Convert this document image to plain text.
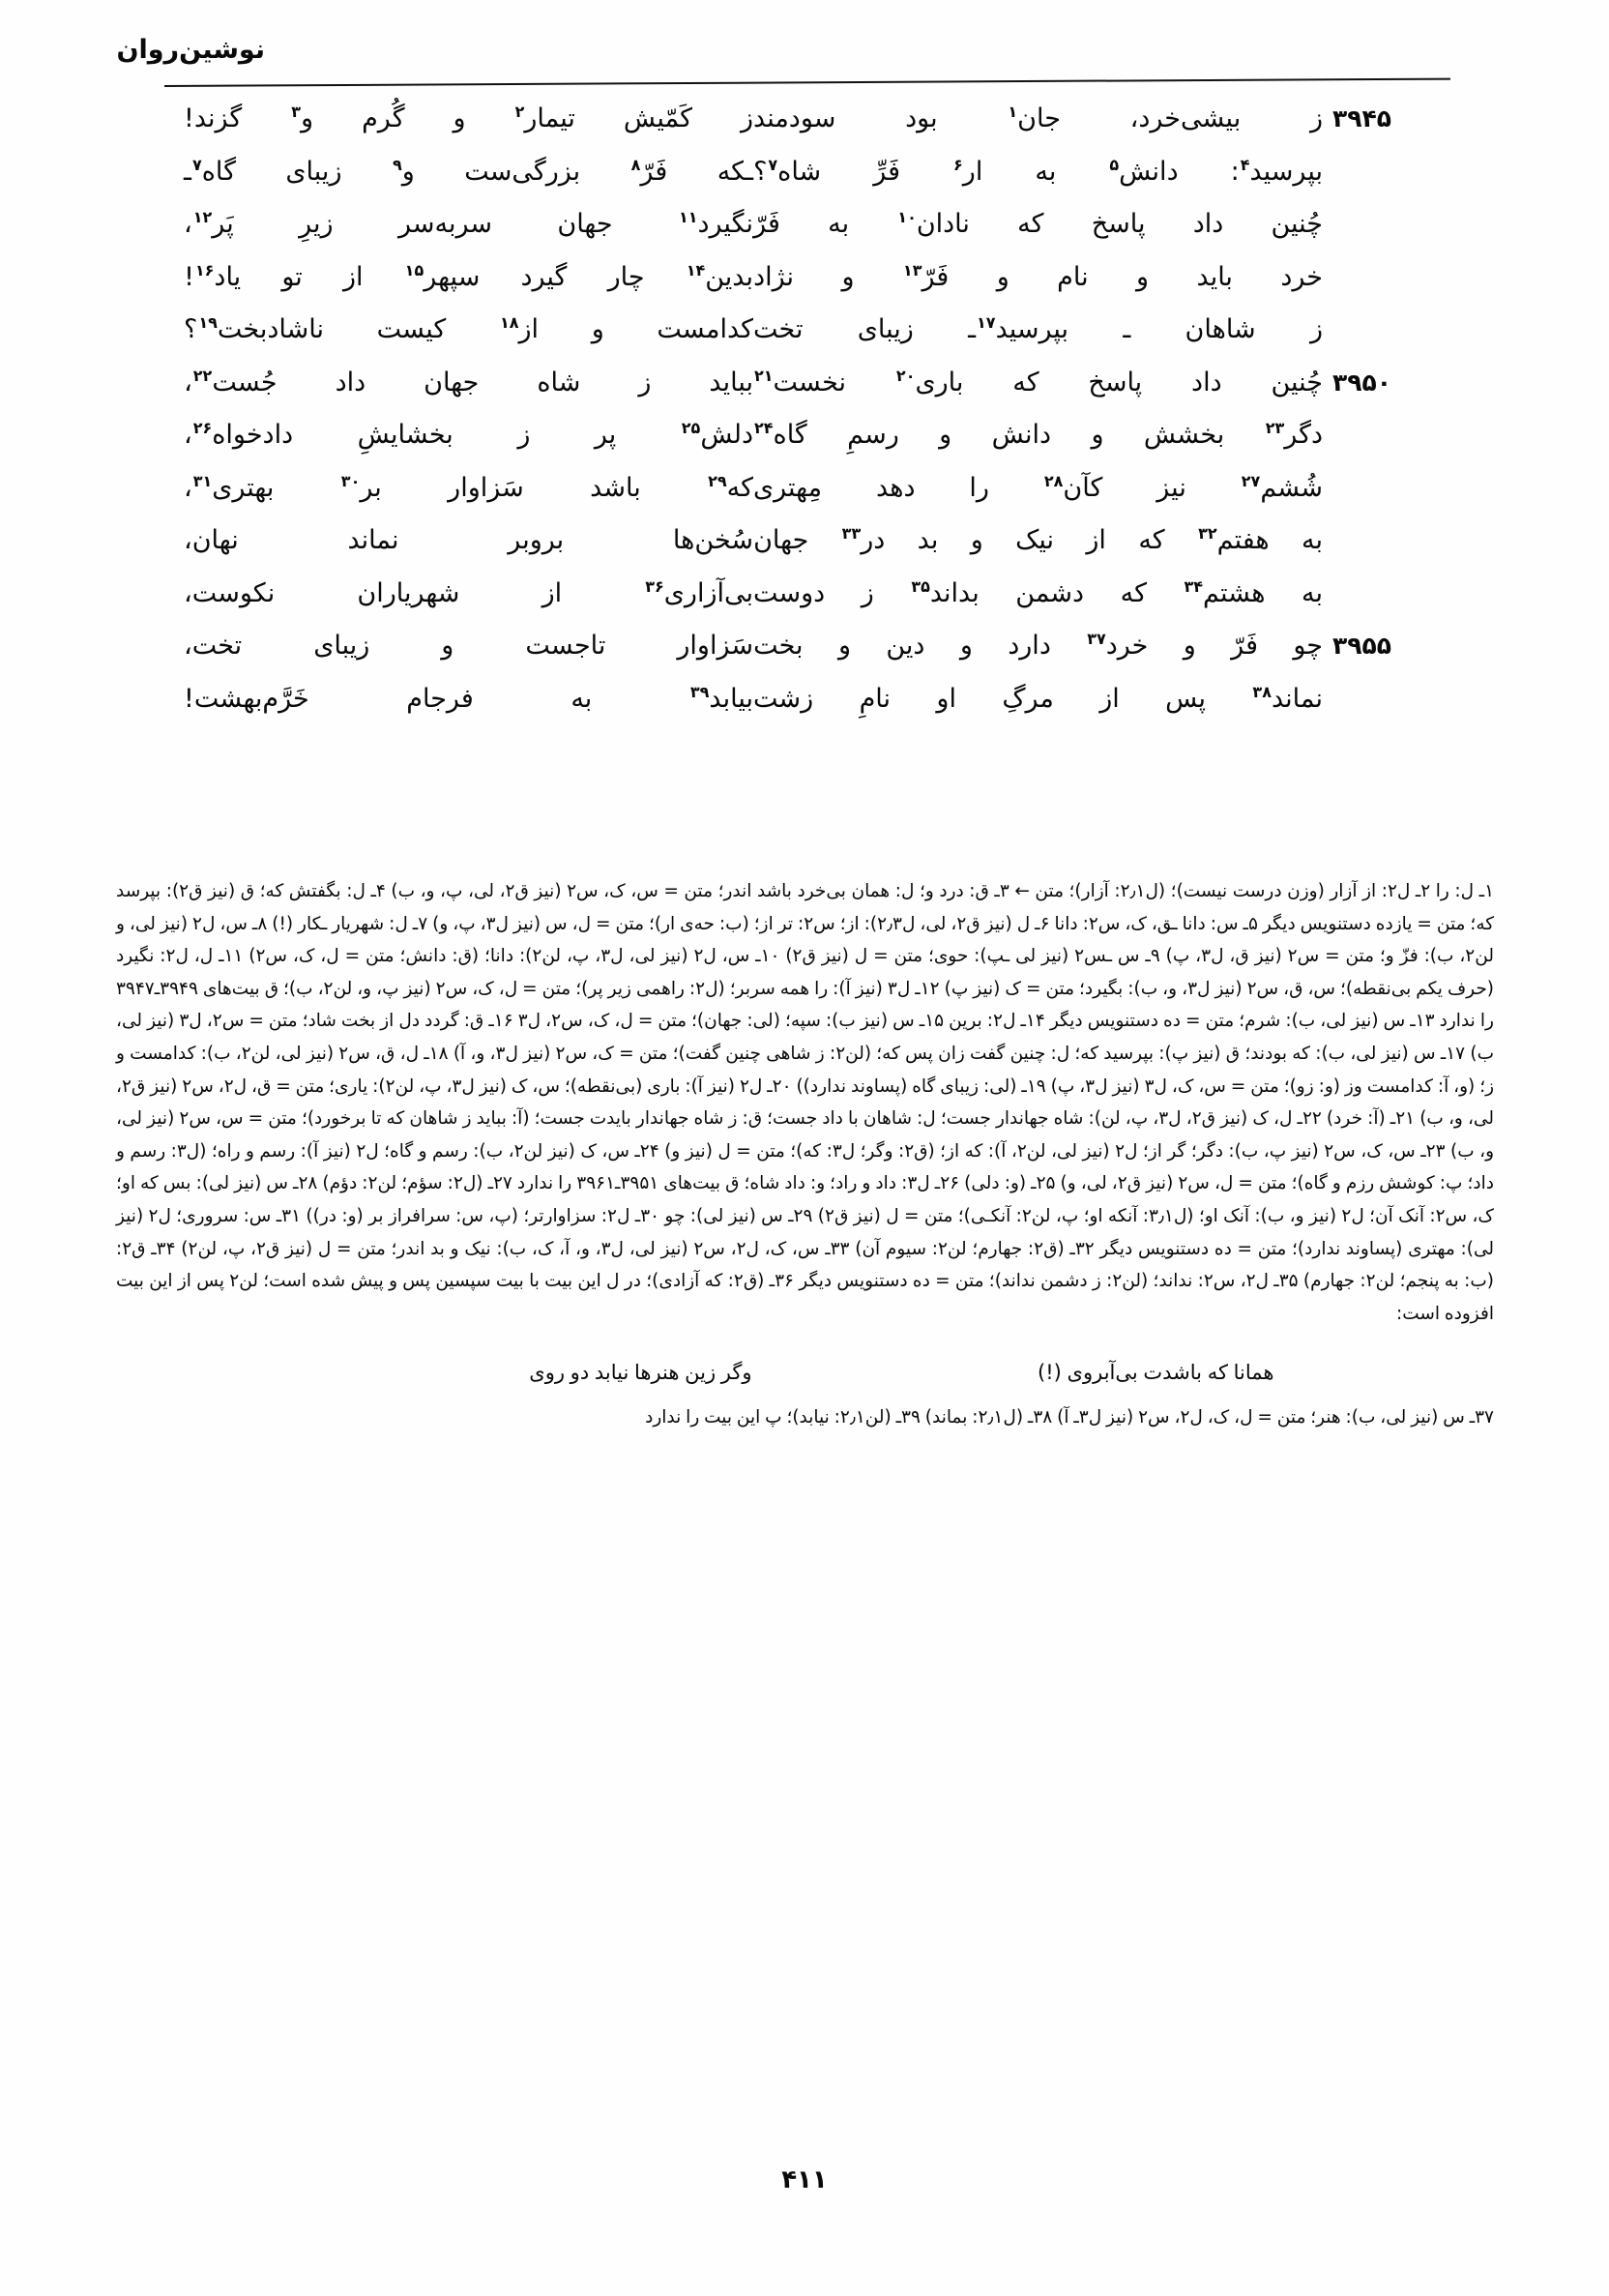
نوشین‌روان
۳۹۴۵
ز
بیشی‌خرد،
جان$^۱$
بود
سودمند
ز
کَمّیش
تیمار$^۲$
و
گُرم
و$^۳$
گزند!
بپرسید$^۴$:
دانش$^۵$
به
ار$^۶$
فَرِّ
شاه$^۷$؟
ـکه
فَرّ$^۸$
بزرگی‌ست
و$^۹$
زیبای
گاه$^۷$ـ
چُنین
داد
پاسخ
که
نادان$^{۱۰}$
به
فَرّ
نگیرد$^{۱۱}$
جهان
سربه‌سر
زیرِ
پَر$^{۱۲}$،
خرد
باید
و
نام
و
فَرّ$^{۱۳}$
و
نژاد
بدین$^{۱۴}$
چار
گیرد
سپهر$^{۱۵}$
از
تو
یاد$^{۱۶}$!
ز
شاهان
ـ
بپرسید$^{۱۷}$ـ
زیبای
تخت
کدامست
و
از$^{۱۸}$
کیست
ناشادبخت$^{۱۹}$؟
۳۹۵۰
چُنین
داد
پاسخ
که
باری$^{۲۰}$
نخست$^{۲۱}$
بباید
ز
شاه
جهان
داد
جُست$^{۲۲}$،
دگر$^{۲۳}$
بخشش
و
دانش
و
رسمِ
گاه$^{۲۴}$
دلش$^{۲۵}$
پر
ز
بخشایشِ
دادخواه$^{۲۶}$،
شُشم$^{۲۷}$
نیز
کآن$^{۲۸}$
را
دهد
مِهتری
که$^{۲۹}$
باشد
سَزاوار
بر$^{۳۰}$
بهتری$^{۳۱}$،
به
هفتم$^{۳۲}$
که
از
نیک
و
بد
در$^{۳۳}$
جهان
سُخن‌ها
بروبر
نماند
نهان،
به
هشتم$^{۳۴}$
که
دشمن
بداند$^{۳۵}$
ز
دوست
بی‌آزاری$^{۳۶}$
از
شهریاران
نکوست،
۳۹۵۵
چو
فَرّ
و
خرد$^{۳۷}$
دارد
و
دین
و
بخت
سَزاوار
تاجست
و
زیبای
تخت،
نماند$^{۳۸}$
پس
از
مرگِ
او
نامِ
زشت
بیابد$^{۳۹}$
به
فرجام
خَرَّم‌بهشت!
۱ـ ل: را ۲ـ ل۲: از آزار (وزن درست نیست)؛ (ل۲٫۱: آزار)؛ متن ← ۳ـ ق: درد و؛ ل: همان بی‌خرد باشد اندر؛ متن = س، ک، س۲ (نیز ق۲، لی، پ، و، ب) ۴ـ ل: بگفتش که؛ ق (نیز ق۲): بپرسد که؛ متن = یازده دستنویس دیگر ۵ـ س: دانا ـق، ک، س۲: دانا ۶ـ ل (نیز ق۲، لی، ل۲٫۳): از؛ س۲: تر از؛ (ب: حه‌ی ار)؛ متن = ل، س (نیز ل۳، پ، و) ۷ـ ل: شهریار ـکار (!) ۸ـ س، ل۲ (نیز لی، و لن۲، ب): فزّ و؛ متن = س۲ (نیز ق، ل۳، پ) ۹ـ س ـس۲ (نیز لی ـپ): حوی؛ متن = ل (نیز ق۲) ۱۰ـ س، ل۲ (نیز لی، ل۳، پ، لن۲): دانا؛ (ق: دانش؛ متن = ل، ک، س۲) ۱۱ـ ل، ل۲: نگیرد (حرف یکم بی‌نقطه)؛ س، ق، س۲ (نیز ل۳، و، ب): بگیرد؛ متن = ک (نیز پ) ۱۲ـ ل۳ (نیز آ): را همه سربر؛ (ل۲: راهمی زیر پر)؛ متن = ل، ک، س۲ (نیز پ، و، لن۲، ب)؛ ق بیت‌های ۳۹۴۹ـ۳۹۴۷ را ندارد ۱۳ـ س (نیز لی، ب): شرم؛ متن = ده دستنویس دیگر ۱۴ـ ل۲: برین ۱۵ـ س (نیز ب): سپه؛ (لی: جهان)؛ متن = ل، ک، س۲، ل۳ ۱۶ـ ق: گردد دل از بخت شاد؛ متن = س۲، ل۳ (نیز لی، ب) ۱۷ـ س (نیز لی، ب): که بودند؛ ق (نیز پ): بپرسید که؛ ل: چنین گفت زان پس که؛ (لن۲: ز شاهی چنین گفت)؛ متن = ک، س۲ (نیز ل۳، و، آ) ۱۸ـ ل، ق، س۲ (نیز لی، لن۲، ب): کدامست و ز؛ (و، آ: کدامست وز (و: زو)؛ متن = س، ک، ل۳ (نیز ل۳، پ) ۱۹ـ (لی: زیبای گاه (پساوند ندارد)) ۲۰ـ ل۲ (نیز آ): باری (بی‌نقطه)؛ س، ک (نیز ل۳، پ، لن۲): یاری؛ متن = ق، ل۲، س۲ (نیز ق۲، لی، و، ب) ۲۱ـ (آ: خرد) ۲۲ـ ل، ک (نیز ق۲، ل۳، پ، لن): شاه جهاندار جست؛ ل: شاهان با داد جست؛ ق: ز شاه جهاندار بایدت جست؛ (آ: بباید ز شاهان که تا برخورد)؛ متن = س، س۲ (نیز لی، و، ب) ۲۳ـ س، ک، س۲ (نیز پ، ب): دگر؛ گر از؛ ل۲ (نیز لی، لن۲، آ): که از؛ (ق۲: وگر؛ ل۳: که)؛ متن = ل (نیز و) ۲۴ـ س، ک (نیز لن۲، ب): رسم و گاه؛ ل۲ (نیز آ): رسم و راه؛ (ل۳: رسم و داد؛ پ: کوشش رزم و گاه)؛ متن = ل، س۲ (نیز ق۲، لی، و) ۲۵ـ (و: دلی) ۲۶ـ ل۳: داد و راد؛ و: داد شاه؛ ق بیت‌های ۳۹۵۱ـ۳۹۶۱ را ندارد ۲۷ـ (ل۲: سؤم؛ لن۲: دؤم) ۲۸ـ س (نیز لی): بس که او؛ ک، س۲: آنک آن؛ ل۲ (نیز و، ب): آنک او؛ (ل۳٫۱: آنکه او؛ پ، لن۲: آنکـی)؛ متن = ل (نیز ق۲) ۲۹ـ س (نیز لی): چو ۳۰ـ ل۲: سزاوارتر؛ (پ، س: سرافراز بر (و: در)) ۳۱ـ س: سروری؛ ل۲ (نیز لی): مهتری (پساوند ندارد)؛ متن = ده دستنویس دیگر ۳۲ـ (ق۲: جهارم؛ لن۲: سیوم آن) ۳۳ـ س، ک، ل۲، س۲ (نیز لی، ل۳، و، آ، ک، ب): نیک و بد اندر؛ متن = ل (نیز ق۲، پ، لن۲) ۳۴ـ ق۲: (ب: به پنجم؛ لن۲: جهارم) ۳۵ـ ل۲، س۲: نداند؛ (لن۲: ز دشمن نداند)؛ متن = ده دستنویس دیگر ۳۶ـ (ق۲: که آزادی)؛ در ل این بیت با بیت سپسین پس و پیش شده است؛ لن۲ پس از این بیت افزوده است:
همانا که باشدت بی‌آبروی (!)
وگر زین هنرها نیابد دو روی
۳۷ـ س (نیز لی، ب): هنر؛ متن = ل، ک، ل۲، س۲ (نیز ل۳ـ آ) ۳۸ـ (ل۲٫۱: بماند) ۳۹ـ (لن۲٫۱: نیابد)؛ پ این بیت را ندارد
۴۱۱
